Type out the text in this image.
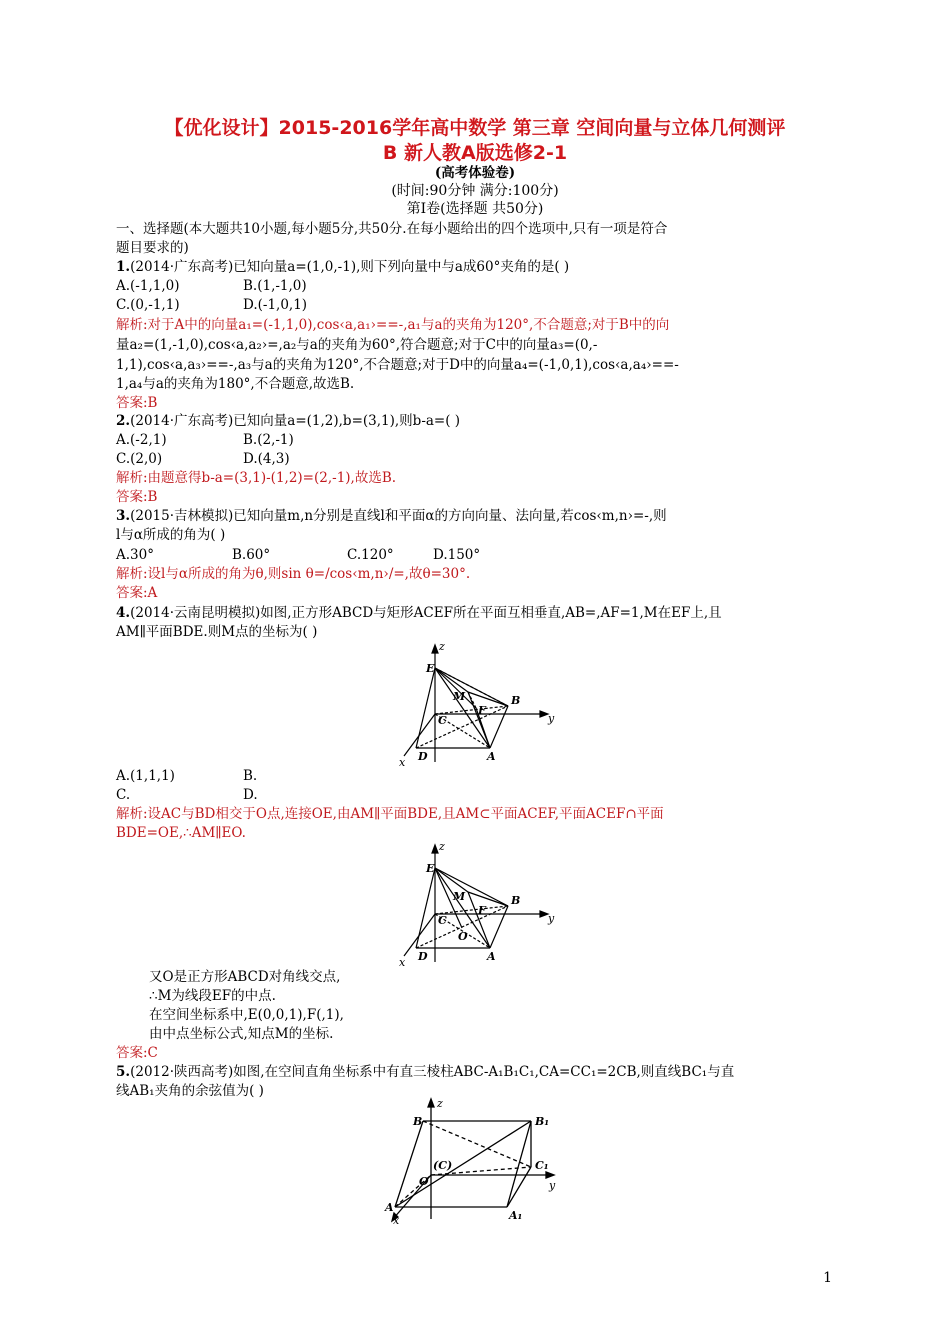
【优化设计】2015-2016学年高中数学 第三章 空间向量与立体几何测评
B 新人教A版选修2-1
(高考体验卷)
(时间:90分钟 满分:100分)
第Ⅰ卷(选择题 共50分)
一、选择题(本大题共10小题,每小题5分,共50分.在每小题给出的四个选项中,只有一项是符合
题目要求的)
1.(2014·广东高考)已知向量a=(1,0,-1),则下列向量中与a成60°夹角的是( )
A.(-1,1,0)	B.(1,-1,0)
C.(0,-1,1)	D.(-1,0,1)
解析:对于A中的向量a₁=(-1,1,0),cos‹a,a₁›==-,a₁与a的夹角为120°,不合题意;对于B中的向
量a₂=(1,-1,0),cos‹a,a₂›=,a₂与a的夹角为60°,符合题意;对于C中的向量a₃=(0,-
1,1),cos‹a,a₃›==-,a₃与a的夹角为120°,不合题意;对于D中的向量a₄=(-1,0,1),cos‹a,a₄›==-
1,a₄与a的夹角为180°,不合题意,故选B.
答案:B
2.(2014·广东高考)已知向量a=(1,2),b=(3,1),则b-a=( )
A.(-2,1)	B.(2,-1)
C.(2,0)	D.(4,3)
解析:由题意得b-a=(3,1)-(1,2)=(2,-1),故选B.
答案:B
3.(2015·吉林模拟)已知向量m,n分别是直线l和平面α的方向向量、法向量,若cos‹m,n›=-,则
l与α所成的角为( )
A.30°	B.60°	C.120°	D.150°
解析:设l与α所成的角为θ,则sin θ=/cos‹m,n›/=,故θ=30°.
答案:A
4.(2014·云南昆明模拟)如图,正方形ABCD与矩形ACEF所在平面互相垂直,AB=,AF=1,M在EF上,且
AM∥平面BDE.则M点的坐标为( )
z
y
x
E
M
F
B
C
D	A
A.(1,1,1)	B.
C.	D.
解析:设AC与BD相交于O点,连接OE,由AM∥平面BDE,且AM⊂平面ACEF,平面ACEF∩平面
BDE=OE,∴AM∥EO.
z
y
x
E
M
F
B
C
O
D	A
又O是正方形ABCD对角线交点,
∴M为线段EF的中点.
在空间坐标系中,E(0,0,1),F(,1),
由中点坐标公式,知点M的坐标.
答案:C
5.(2012·陕西高考)如图,在空间直角坐标系中有直三棱柱ABC-A₁B₁C₁,CA=CC₁=2CB,则直线BC₁与直
线AB₁夹角的余弦值为( )
z
y
x
B	B₁
(C)	C₁
O
A
A₁
1
